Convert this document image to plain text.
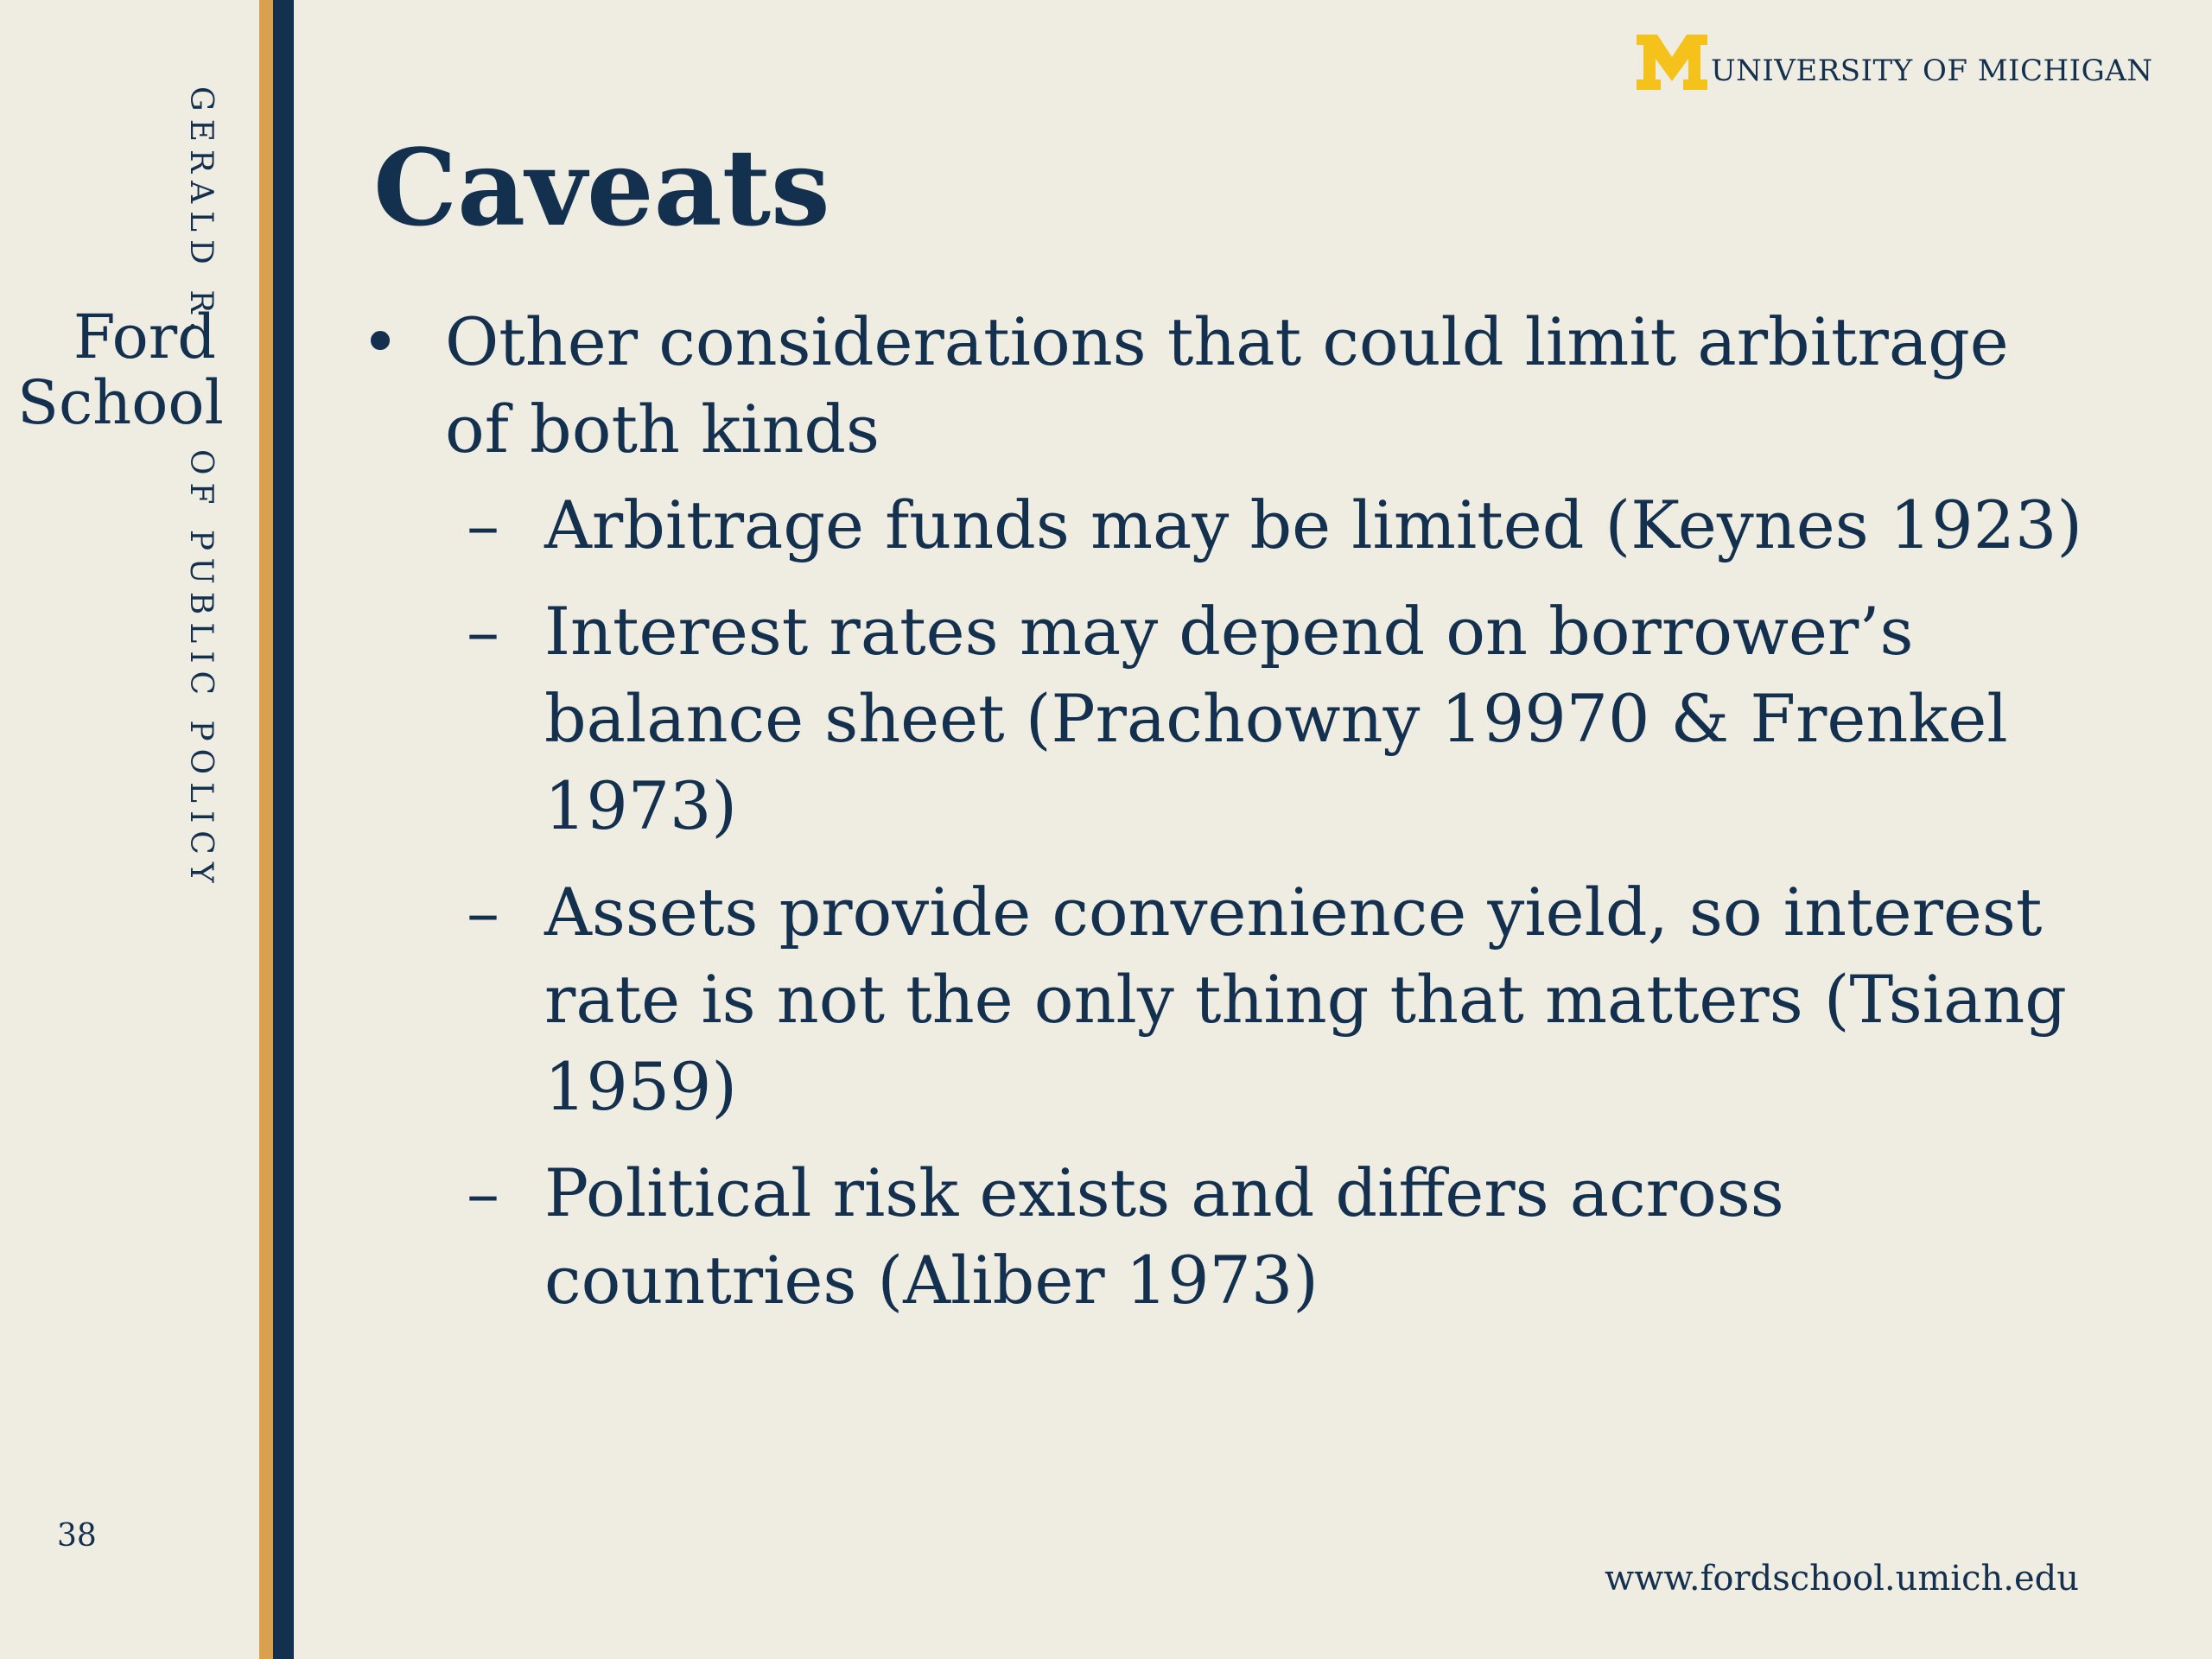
GERALD R.
Ford
School
OF PUBLIC POLICY
38
UNIVERSITY OF MICHIGAN
Caveats
• Other considerations that could limit arbitrage of both kinds
– Arbitrage funds may be limited (Keynes 1923)
– Interest rates may depend on borrower’s balance sheet (Prachowny 19970 & Frenkel 1973)
– Assets provide convenience yield, so interest rate is not the only thing that matters (Tsiang 1959)
– Political risk exists and differs across countries (Aliber 1973)
www.fordschool.umich.edu
